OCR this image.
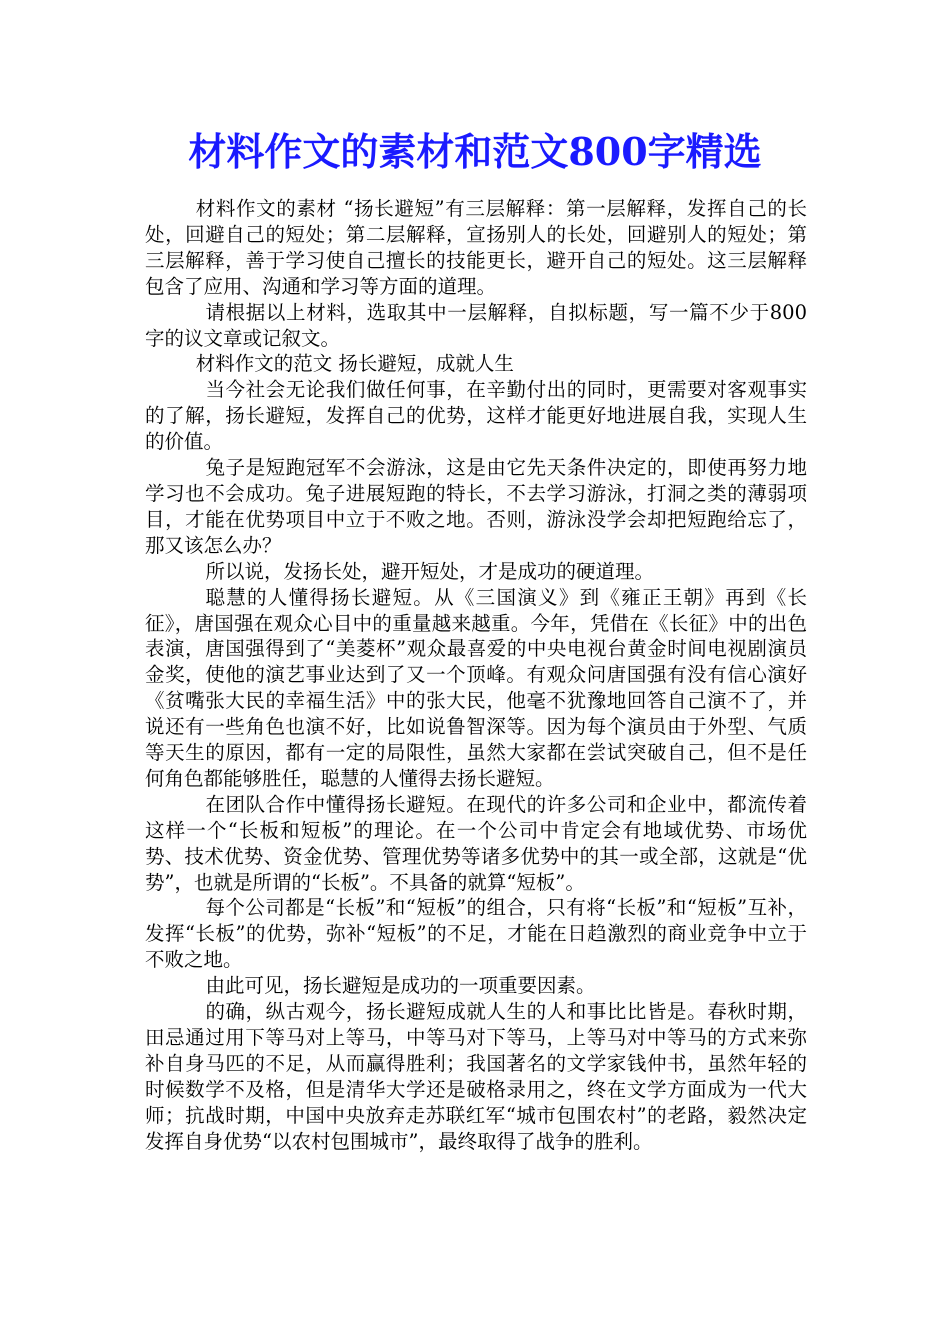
材料作文的素材和范文800字精选

材料作文的素材 “扬长避短”有三层解释：第一层解释，发挥自己的长处，回避自己的短处；第二层解释，宣扬别人的长处，回避别人的短处；第三层解释，善于学习使自己擅长的技能更长，避开自己的短处。这三层解释包含了应用、沟通和学习等方面的道理。

请根据以上材料，选取其中一层解释，自拟标题，写一篇不少于800字的议文章或记叙文。

材料作文的范文 扬长避短，成就人生

当今社会无论我们做任何事，在辛勤付出的同时，更需要对客观事实的了解，扬长避短，发挥自己的优势，这样才能更好地进展自我，实现人生的价值。

兔子是短跑冠军不会游泳，这是由它先天条件决定的，即使再努力地学习也不会成功。兔子进展短跑的特长，不去学习游泳，打洞之类的薄弱项目，才能在优势项目中立于不败之地。否则，游泳没学会却把短跑给忘了，那又该怎么办？

所以说，发扬长处，避开短处，才是成功的硬道理。

聪慧的人懂得扬长避短。从《三国演义》到《雍正王朝》再到《长征》，唐国强在观众心目中的重量越来越重。今年，凭借在《长征》中的出色表演，唐国强得到了“美菱杯”观众最喜爱的中央电视台黄金时间电视剧演员金奖，使他的演艺事业达到了又一个顶峰。有观众问唐国强有没有信心演好《贫嘴张大民的幸福生活》中的张大民，他毫不犹豫地回答自己演不了，并说还有一些角色也演不好，比如说鲁智深等。因为每个演员由于外型、气质等天生的原因，都有一定的局限性，虽然大家都在尝试突破自己，但不是任何角色都能够胜任，聪慧的人懂得去扬长避短。

在团队合作中懂得扬长避短。在现代的许多公司和企业中，都流传着这样一个“长板和短板”的理论。在一个公司中肯定会有地域优势、市场优势、技术优势、资金优势、管理优势等诸多优势中的其一或全部，这就是“优势”，也就是所谓的“长板”。不具备的就算“短板”。

每个公司都是“长板”和“短板”的组合，只有将“长板”和“短板”互补，发挥“长板”的优势，弥补“短板”的不足，才能在日趋激烈的商业竞争中立于不败之地。

由此可见，扬长避短是成功的一项重要因素。

的确，纵古观今，扬长避短成就人生的人和事比比皆是。春秋时期，田忌通过用下等马对上等马，中等马对下等马，上等马对中等马的方式来弥补自身马匹的不足，从而赢得胜利；我国著名的文学家钱仲书，虽然年轻的时候数学不及格，但是清华大学还是破格录用之，终在文学方面成为一代大师；抗战时期，中国中央放弃走苏联红军“城市包围农村”的老路，毅然决定发挥自身优势“以农村包围城市”，最终取得了战争的胜利。
